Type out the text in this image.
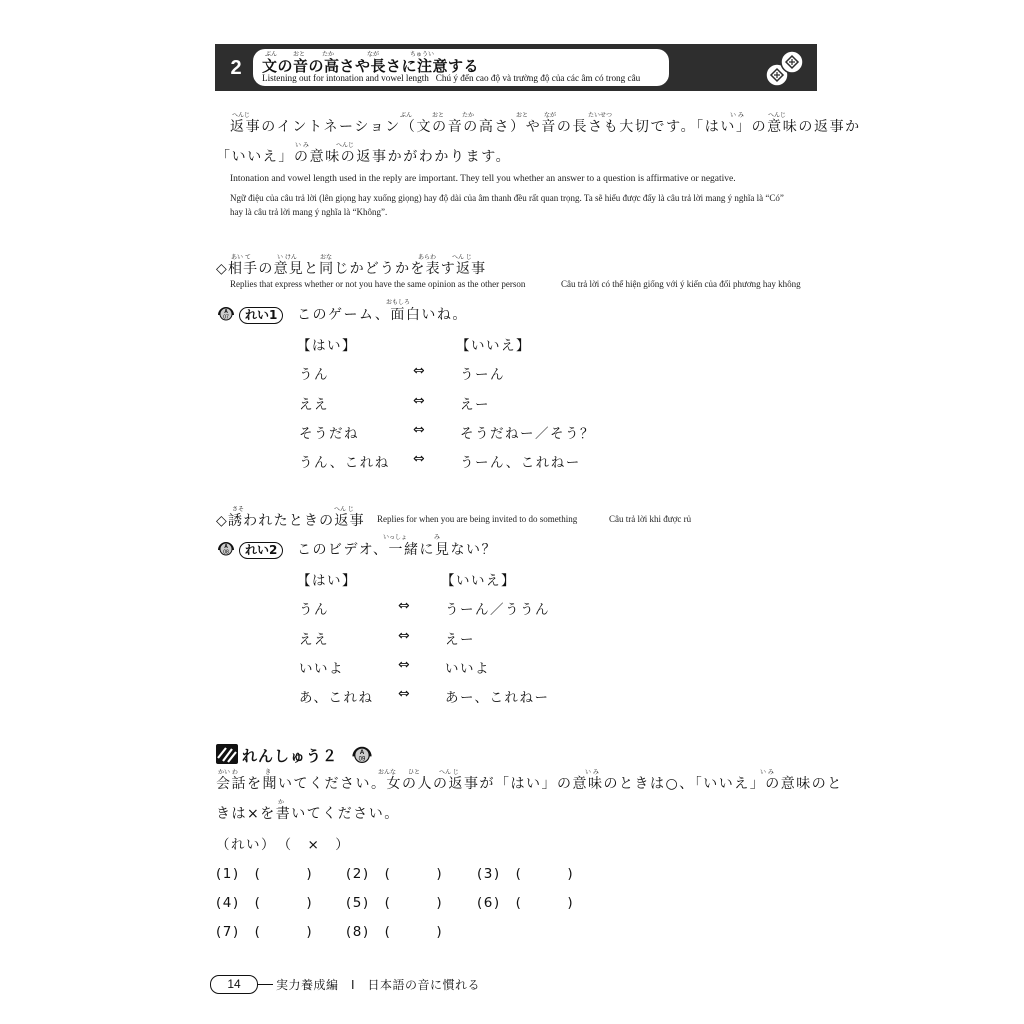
2
ぶん	おと	たか	なが	ちゅうい
文の音の高さや長さに注意する
Listening out for intonation and vowel length Chú ý đến cao độ và trường độ của các âm có trong câu
へんじ	ぶん	おと	たか	おと	なが	たいせつ	い み	へんじ
返事のイントネーション（文の音の高さ）や音の長さも大切です。「はい」の意味の返事か
い み	へんじ
「いいえ」の意味の返事かがわかります。
Intonation and vowel length used in the reply are important. They tell you whether an answer to a question is affirmative or negative.
Ngữ điệu của câu trả lời (lên giọng hay xuống giọng) hay độ dài của âm thanh đều rất quan trọng. Ta sẽ hiểu được đấy là câu trả lời mang ý nghĩa là “Có”
hay là câu trả lời mang ý nghĩa là “Không”.
あい て	い けん	おな	あらわ	へん じ
◇相手の意見と同じかどうかを表す返事
Replies that express whether or not you have the same opinion as the other person	Câu trả lời có thể hiện giống với ý kiến của đối phương hay không
A
07	れい1
おもしろ
このゲーム、面白いね。
【はい】	【いいえ】
うん	⇔	うーん
ええ	⇔	えー
そうだね	⇔	そうだねー／そう？
うん、これね ⇔	うーん、これねー
さそ	へん じ
◇誘われたときの返事 Replies for when you are being invited to do something	Câu trả lời khi được rủ
A
08	れい2
いっしょ	み
このビデオ、一緒に見ない？
【はい】	【いいえ】
うん	⇔	うーん／ううん
ええ	⇔	えー
いいよ	⇔	いいよ
あ、これね ⇔	あー、これねー
れんしゅう２	A
09
かい わ	き	おんな ひと	へん じ	い み	い み
会話を聞いてください。女の人の返事が「はい」の意味のときは○、「いいえ」の意味のと
か
きは×を書いてください。
（れい）　（　×　）
(1)　(　　　) (2)　(　　　)	(3)　(　　　)
(4)　(　　　) (5)　(　　　)	(6)　(　　　)
(7)　(　　　) (8)　(　　　)
14	実力養成編　Ⅰ　日本語の音に慣れる
